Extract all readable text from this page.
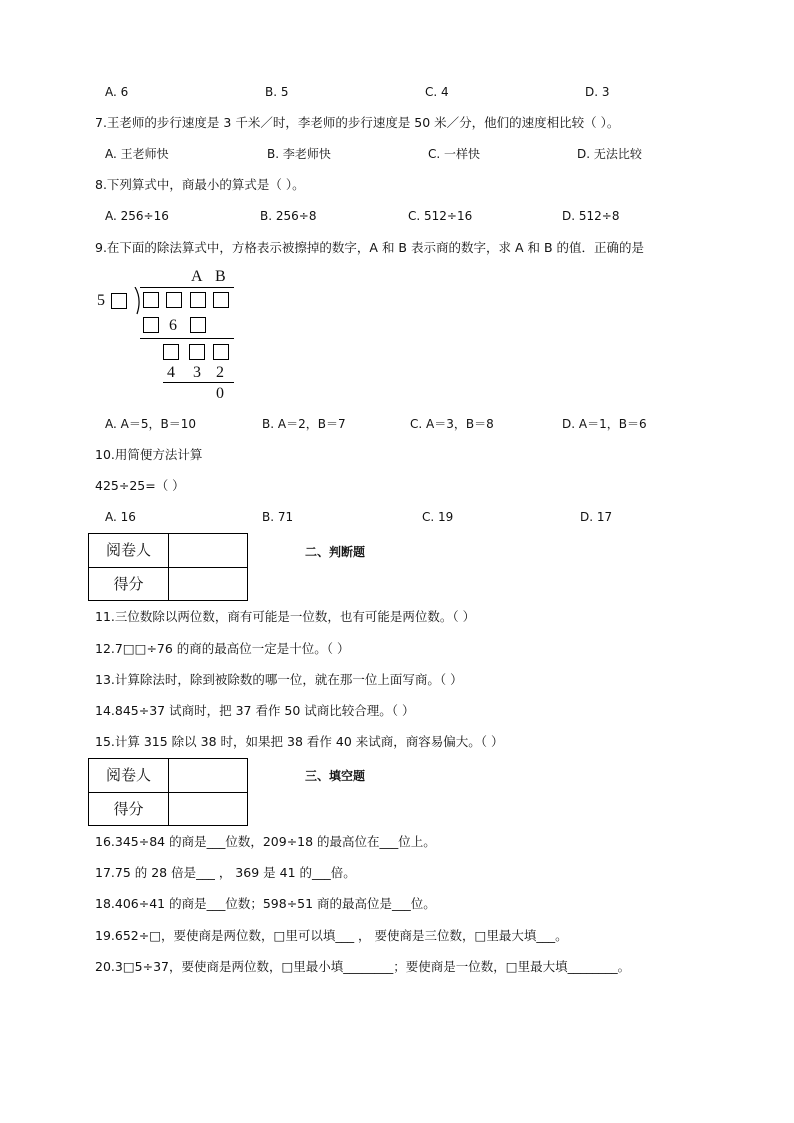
A. 6	B. 5	C. 4	D. 3
7.王老师的步行速度是 3 千米／时，李老师的步行速度是 50 米／分，他们的速度相比较（ ）。
A. 王老师快	B. 李老师快	C. 一样快	D. 无法比较
8.下列算式中，商最小的算式是（ ）。
A. 256÷16	B. 256÷8	C. 512÷16	D. 512÷8
9.在下面的除法算式中，方格表示被擦掉的数字，A 和 B 表示商的数字，求 A 和 B 的值．正确的是
A B
5
6
4 3 2
0
A. A＝5，B＝10	B. A＝2，B＝7	C. A＝3，B＝8	D. A＝1，B＝6
10.用简便方法计算
425÷25=（ ）
A. 16	B. 71	C. 19	D. 17
阅卷人
得分
二、判断题
11.三位数除以两位数，商有可能是一位数，也有可能是两位数。（ ）
12.7□□÷76 的商的最高位一定是十位。（ ）
13.计算除法时，除到被除数的哪一位，就在那一位上面写商。（ ）
14.845÷37 试商时，把 37 看作 50 试商比较合理。（ ）
15.计算 315 除以 38 时，如果把 38 看作 40 来试商，商容易偏大。（ ）
阅卷人
得分
三、填空题
16.345÷84 的商是___位数，209÷18 的最高位在___位上。
17.75 的 28 倍是___ ， 369 是 41 的___倍。
18.406÷41 的商是___位数；598÷51 商的最高位是___位。
19.652÷□，要使商是两位数，□里可以填___ ， 要使商是三位数，□里最大填___。
20.3□5÷37，要使商是两位数，□里最小填________；要使商是一位数，□里最大填________。
